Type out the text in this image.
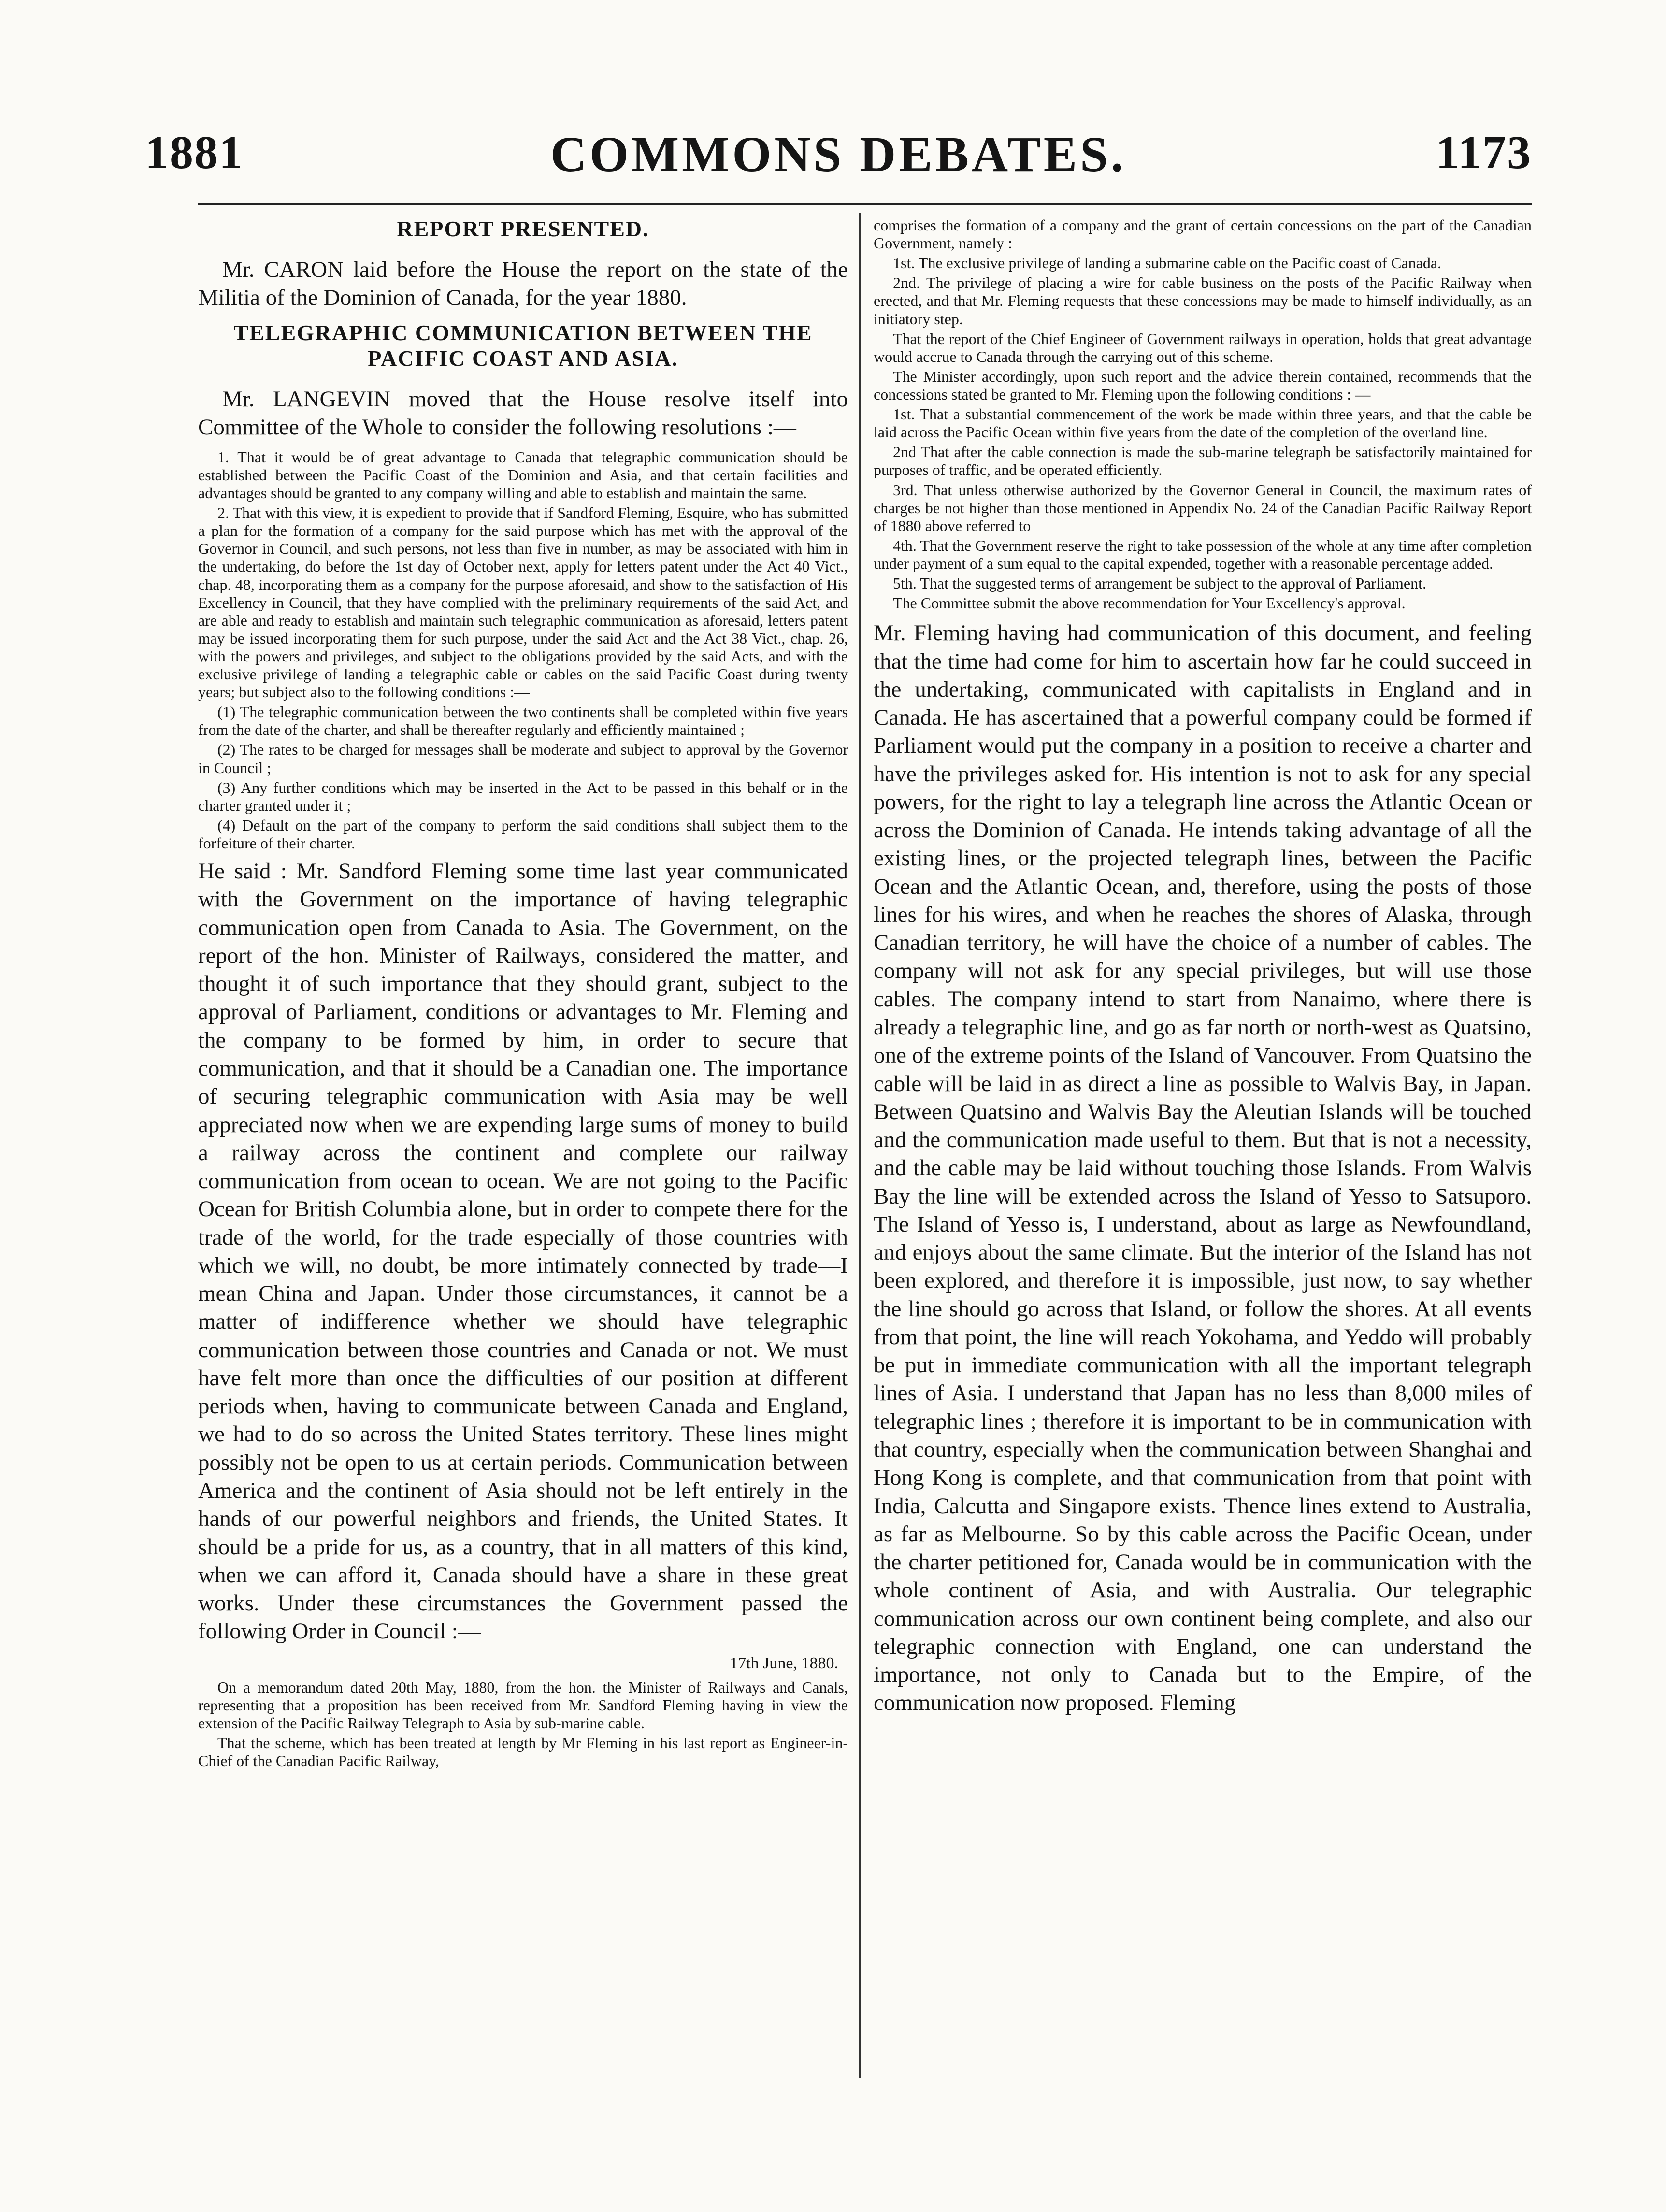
1881	COMMONS DEBATES.	1173
REPORT PRESENTED.

Mr. CARON laid before the House the report on the state of the Militia of the Dominion of Canada, for the year 1880.

TELEGRAPHIC COMMUNICATION BETWEEN THE PACIFIC COAST AND ASIA.

Mr. LANGEVIN moved that the House resolve itself into Committee of the Whole to consider the following resolutions :—

1. That it would be of great advantage to Canada that telegraphic communication should be established between the Pacific Coast of the Dominion and Asia, and that certain facilities and advantages should be granted to any company willing and able to establish and maintain the same.

2. That with this view, it is expedient to provide that if Sandford Fleming, Esquire, who has submitted a plan for the formation of a company for the said purpose which has met with the approval of the Governor in Council, and such persons, not less than five in number, as may be associated with him in the undertaking, do before the 1st day of October next, apply for letters patent under the Act 40 Vict., chap. 48, incorporating them as a company for the purpose aforesaid, and show to the satisfaction of His Excellency in Council, that they have complied with the preliminary requirements of the said Act, and are able and ready to establish and maintain such telegraphic communication as aforesaid, letters patent may be issued incorporating them for such purpose, under the said Act and the Act 38 Vict., chap. 26, with the powers and privileges, and subject to the obligations provided by the said Acts, and with the exclusive privilege of landing a telegraphic cable or cables on the said Pacific Coast during twenty years; but subject also to the following conditions :—

(1) The telegraphic communication between the two continents shall be completed within five years from the date of the charter, and shall be thereafter regularly and efficiently maintained ;

(2) The rates to be charged for messages shall be moderate and subject to approval by the Governor in Council ;

(3) Any further conditions which may be inserted in the Act to be passed in this behalf or in the charter granted under it ;

(4) Default on the part of the company to perform the said conditions shall subject them to the forfeiture of their charter.

He said : Mr. Sandford Fleming some time last year communicated with the Government on the importance of having telegraphic communication open from Canada to Asia. The Government, on the report of the hon. Minister of Railways, considered the matter, and thought it of such importance that they should grant, subject to the approval of Parliament, conditions or advantages to Mr. Fleming and the company to be formed by him, in order to secure that communication, and that it should be a Canadian one. The importance of securing telegraphic communication with Asia may be well appreciated now when we are expending large sums of money to build a railway across the continent and complete our railway communication from ocean to ocean. We are not going to the Pacific Ocean for British Columbia alone, but in order to compete there for the trade of the world, for the trade especially of those countries with which we will, no doubt, be more intimately connected by trade—I mean China and Japan. Under those circumstances, it cannot be a matter of indifference whether we should have telegraphic communication between those countries and Canada or not. We must have felt more than once the difficulties of our position at different periods when, having to communicate between Canada and England, we had to do so across the United States territory. These lines might possibly not be open to us at certain periods. Communication between America and the continent of Asia should not be left entirely in the hands of our powerful neighbors and friends, the United States. It should be a pride for us, as a country, that in all matters of this kind, when we can afford it, Canada should have a share in these great works. Under these circumstances the Government passed the following Order in Council :—

17th June, 1880.

On a memorandum dated 20th May, 1880, from the hon. the Minister of Railways and Canals, representing that a proposition has been received from Mr. Sandford Fleming having in view the extension of the Pacific Railway Telegraph to Asia by sub-marine cable.

That the scheme, which has been treated at length by Mr Fleming in his last report as Engineer-in-Chief of the Canadian Pacific Railway,

comprises the formation of a company and the grant of certain concessions on the part of the Canadian Government, namely :

1st. The exclusive privilege of landing a submarine cable on the Pacific coast of Canada.

2nd. The privilege of placing a wire for cable business on the posts of the Pacific Railway when erected, and that Mr. Fleming requests that these concessions may be made to himself individually, as an initiatory step.

That the report of the Chief Engineer of Government railways in operation, holds that great advantage would accrue to Canada through the carrying out of this scheme.

The Minister accordingly, upon such report and the advice therein contained, recommends that the concessions stated be granted to Mr. Fleming upon the following conditions : —

1st. That a substantial commencement of the work be made within three years, and that the cable be laid across the Pacific Ocean within five years from the date of the completion of the overland line.

2nd That after the cable connection is made the sub-marine telegraph be satisfactorily maintained for purposes of traffic, and be operated efficiently.

3rd. That unless otherwise authorized by the Governor General in Council, the maximum rates of charges be not higher than those mentioned in Appendix No. 24 of the Canadian Pacific Railway Report of 1880 above referred to

4th. That the Government reserve the right to take possession of the whole at any time after completion under payment of a sum equal to the capital expended, together with a reasonable percentage added.

5th. That the suggested terms of arrangement be subject to the approval of Parliament.

The Committee submit the above recommendation for Your Excellency's approval.

Mr. Fleming having had communication of this document, and feeling that the time had come for him to ascertain how far he could succeed in the undertaking, communicated with capitalists in England and in Canada. He has ascertained that a powerful company could be formed if Parliament would put the company in a position to receive a charter and have the privileges asked for. His intention is not to ask for any special powers, for the right to lay a telegraph line across the Atlantic Ocean or across the Dominion of Canada. He intends taking advantage of all the existing lines, or the projected telegraph lines, between the Pacific Ocean and the Atlantic Ocean, and, therefore, using the posts of those lines for his wires, and when he reaches the shores of Alaska, through Canadian territory, he will have the choice of a number of cables. The company will not ask for any special privileges, but will use those cables. The company intend to start from Nanaimo, where there is already a telegraphic line, and go as far north or north-west as Quatsino, one of the extreme points of the Island of Vancouver. From Quatsino the cable will be laid in as direct a line as possible to Walvis Bay, in Japan. Between Quatsino and Walvis Bay the Aleutian Islands will be touched and the communication made useful to them. But that is not a necessity, and the cable may be laid without touching those Islands. From Walvis Bay the line will be extended across the Island of Yesso to Satsuporo. The Island of Yesso is, I understand, about as large as Newfoundland, and enjoys about the same climate. But the interior of the Island has not been explored, and therefore it is impossible, just now, to say whether the line should go across that Island, or follow the shores. At all events from that point, the line will reach Yokohama, and Yeddo will probably be put in immediate communication with all the important telegraph lines of Asia. I understand that Japan has no less than 8,000 miles of telegraphic lines ; therefore it is important to be in communication with that country, especially when the communication between Shanghai and Hong Kong is complete, and that communication from that point with India, Calcutta and Singapore exists. Thence lines extend to Australia, as far as Melbourne. So by this cable across the Pacific Ocean, under the charter petitioned for, Canada would be in communication with the whole continent of Asia, and with Australia. Our telegraphic communication across our own continent being complete, and also our telegraphic connection with England, one can understand the importance, not only to Canada but to the Empire, of the communication now proposed. Fleming
